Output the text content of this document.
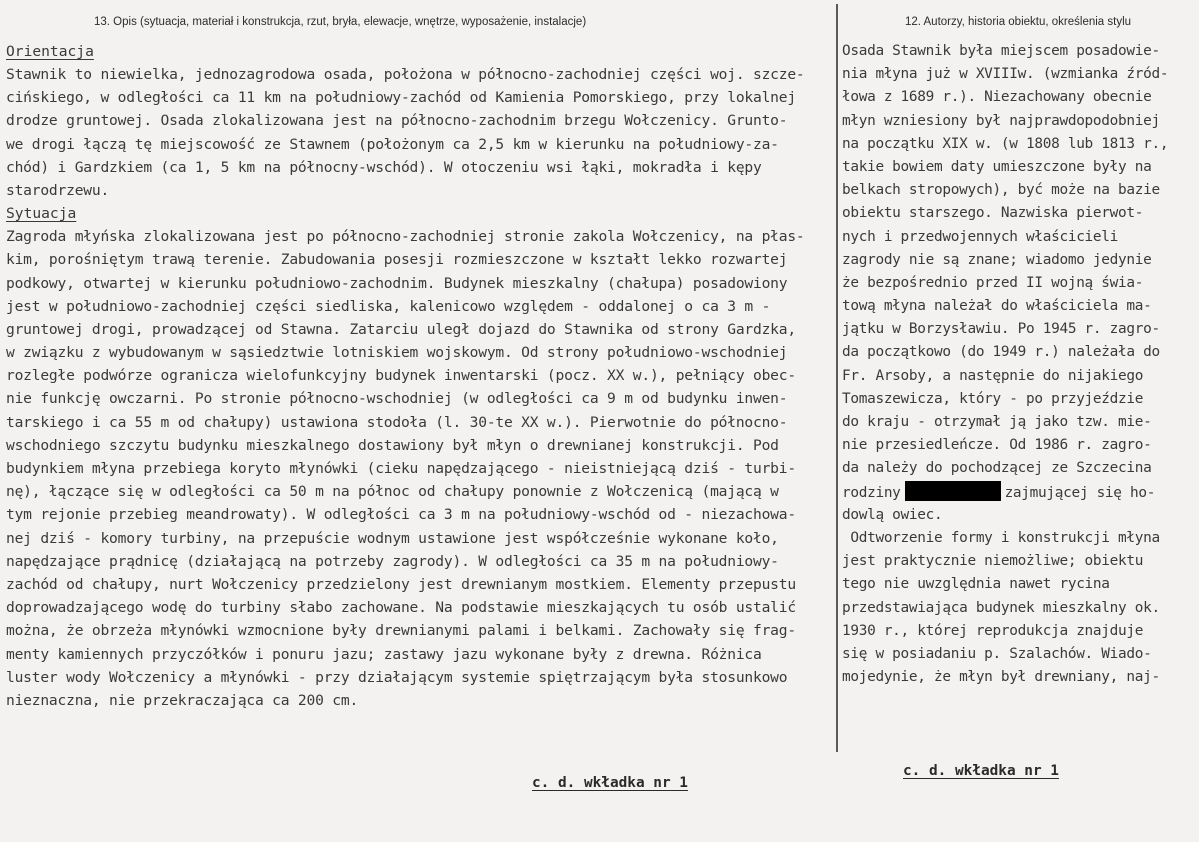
13. Opis (sytuacja, materiał i konstrukcja, rzut, bryła, elewacje, wnętrze, wyposażenie, instalacje)
Orientacja
Stawnik to niewielka, jednozagrodowa osada, położona w północno-zachodniej części woj. szcze-
cińskiego, w odległości ca 11 km na południowy-zachód od Kamienia Pomorskiego, przy lokalnej
drodze gruntowej. Osada zlokalizowana jest na północno-zachodnim brzegu Wołczenicy. Grunto-
we drogi łączą tę miejscowość ze Stawnem (położonym ca 2,5 km w kierunku na południowy-za-
chód) i Gardzkiem (ca 1, 5 km na północny-wschód). W otoczeniu wsi łąki, mokradła i kępy
starodrzewu.
Sytuacja
Zagroda młyńska zlokalizowana jest po północno-zachodniej stronie zakola Wołczenicy, na płas-
kim, porośniętym trawą terenie. Zabudowania posesji rozmieszczone w kształt lekko rozwartej
podkowy, otwartej w kierunku południowo-zachodnim. Budynek mieszkalny (chałupa) posadowiony
jest w południowo-zachodniej części siedliska, kalenicowo względem - oddalonej o ca 3 m -
gruntowej drogi, prowadzącej od Stawna. Zatarciu uległ dojazd do Stawnika od strony Gardzka,
w związku z wybudowanym w sąsiedztwie lotniskiem wojskowym. Od strony południowo-wschodniej
rozległe podwórze ogranicza wielofunkcyjny budynek inwentarski (pocz. XX w.), pełniący obec-
nie funkcję owczarni. Po stronie północno-wschodniej (w odległości ca 9 m od budynku inwen-
tarskiego i ca 55 m od chałupy) ustawiona stodoła (l. 30-te XX w.). Pierwotnie do północno-
wschodniego szczytu budynku mieszkalnego dostawiony był młyn o drewnianej konstrukcji. Pod
budynkiem młyna przebiega koryto młynówki (cieku napędzającego - nieistniejącą dziś - turbi-
nę), łączące się w odległości ca 50 m na północ od chałupy ponownie z Wołczenicą (mającą w
tym rejonie przebieg meandrowaty). W odległości ca 3 m na południowy-wschód od - niezachowa-
nej dziś - komory turbiny, na przepuście wodnym ustawione jest współcześnie wykonane koło,
napędzające prądnicę (działającą na potrzeby zagrody). W odległości ca 35 m na południowy-
zachód od chałupy, nurt Wołczenicy przedzielony jest drewnianym mostkiem. Elementy przepustu
doprowadzającego wodę do turbiny słabo zachowane. Na podstawie mieszkających tu osób ustalić
można, że obrzeża młynówki wzmocnione były drewnianymi palami i belkami. Zachowały się frag-
menty kamiennych przyczółków i ponuru jazu; zastawy jazu wykonane były z drewna. Różnica
luster wody Wołczenicy a młynówki - przy działającym systemie spiętrzającym była stosunkowo
nieznaczna, nie przekraczająca ca 200 cm.
12. Autorzy, historia obiektu, określenia stylu
Osada Stawnik była miejscem posadowie-
nia młyna już w XVIIIw. (wzmianka źród-
łowa z 1689 r.). Niezachowany obecnie
młyn wzniesiony był najprawdopodobniej
na początku XIX w. (w 1808 lub 1813 r.,
takie bowiem daty umieszczone były na
belkach stropowych), być może na bazie
obiektu starszego. Nazwiska pierwot-
nych i przedwojennych właścicieli
zagrody nie są znane; wiadomo jedynie
że bezpośrednio przed II wojną świa-
tową młyna należał do właściciela ma-
jątku w Borzysławiu. Po 1945 r. zagro-
da początkowo (do 1949 r.) należała do
Fr. Arsoby, a następnie do nijakiego
Tomaszewicza, który - po przyjeździe
do kraju - otrzymał ją jako tzw. mie-
nie przesiedleńcze. Od 1986 r. zagro-
da należy do pochodzącej ze Szczecina
rodziny	zajmującej się ho-
dowlą owiec.
Odtworzenie formy i konstrukcji młyna
jest praktycznie niemożliwe; obiektu
tego nie uwzględnia nawet rycina
przedstawiająca budynek mieszkalny ok.
1930 r., której reprodukcja znajduje
się w posiadaniu p. Szalachów. Wiado-
mojedynie, że młyn był drewniany, naj-
c. d. wkładka nr 1
c. d. wkładka nr 1
